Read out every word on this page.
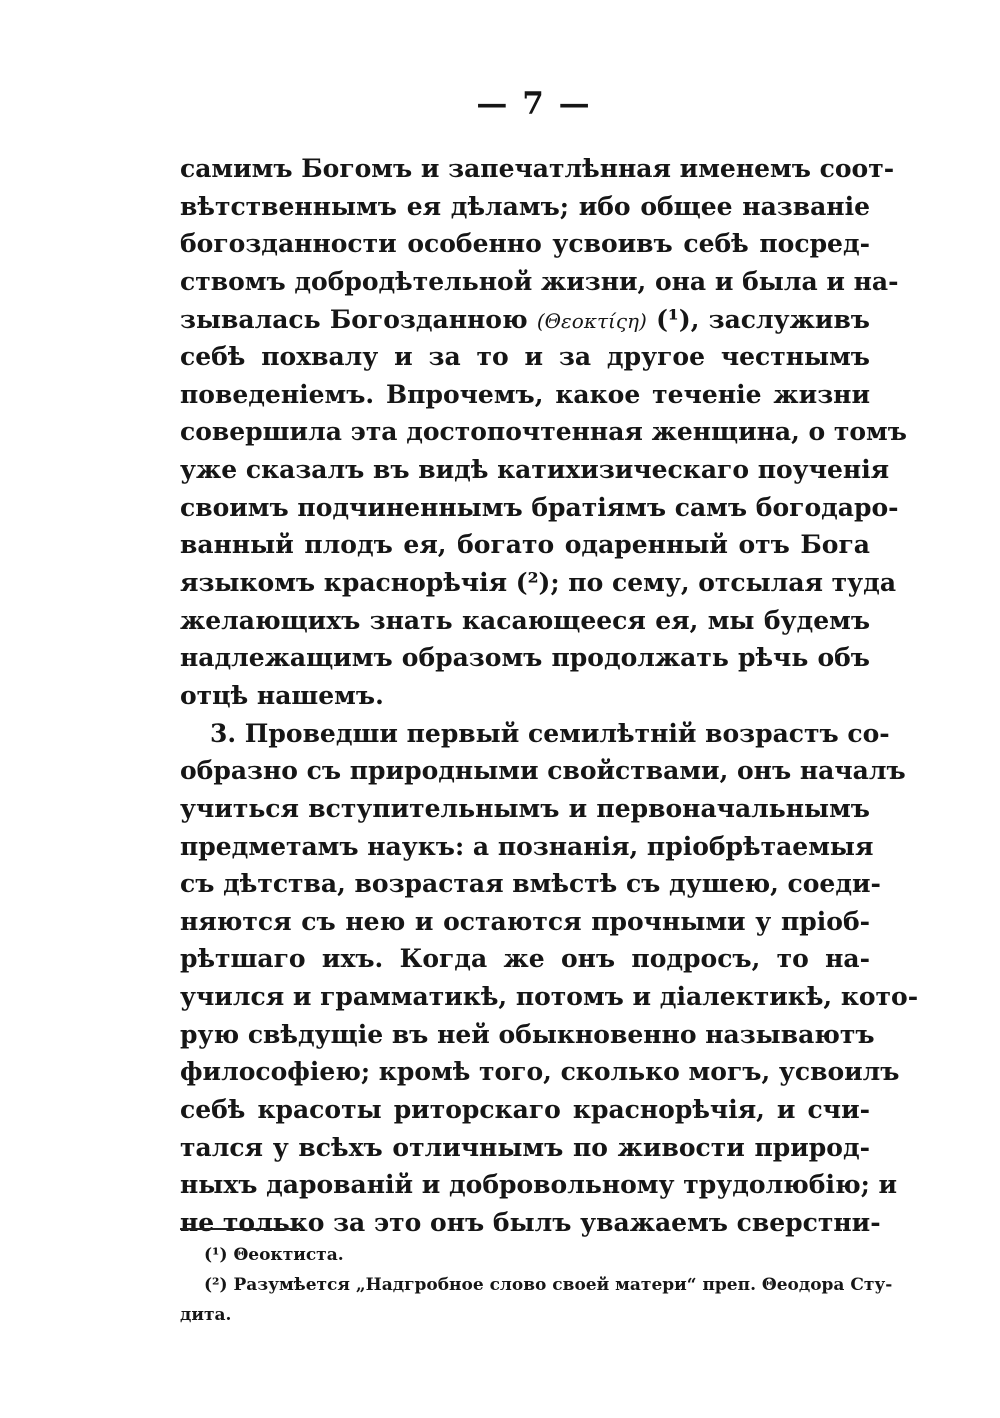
— 7 —
самимъ Богомъ и запечатлѣнная именемъ соот-
вѣтственнымъ ея дѣламъ; ибо общее названіе
богозданности особенно усвоивъ себѣ посред-
ствомъ добродѣтельной жизни, она и была и на-
зывалась Богозданною (Θεοκτίςη) (¹), заслуживъ
себѣ похвалу и за то и за другое честнымъ
поведеніемъ. Впрочемъ, какое теченіе жизни
совершила эта достопочтенная женщина, о томъ
уже сказалъ въ видѣ катихизическаго поученія
своимъ подчиненнымъ братіямъ самъ богодаро-
ванный плодъ ея, богато одаренный отъ Бога
языкомъ краснорѣчія (²); по сему, отсылая туда
желающихъ знать касающееся ея, мы будемъ
надлежащимъ образомъ продолжать рѣчь объ
отцѣ нашемъ.
3. Проведши первый семилѣтній возрастъ со-
образно съ природными свойствами, онъ началъ
учиться вступительнымъ и первоначальнымъ
предметамъ наукъ: а познанія, пріобрѣтаемыя
съ дѣтства, возрастая вмѣстѣ съ душею, соеди-
няются съ нею и остаются прочными у пріоб-
рѣтшаго ихъ. Когда же онъ подросъ, то на-
учился и грамматикѣ, потомъ и діалектикѣ, кото-
рую свѣдущіе въ ней обыкновенно называютъ
философіею; кромѣ того, сколько могъ, усвоилъ
себѣ красоты риторскаго краснорѣчія, и счи-
тался у всѣхъ отличнымъ по живости природ-
ныхъ дарованій и добровольному трудолюбію; и
не только за это онъ былъ уважаемъ сверстни-
(¹) Θеоктиста.
(²) Разумѣется „Надгробное слово своей матери“ преп. Θеодора Сту-
дита.
